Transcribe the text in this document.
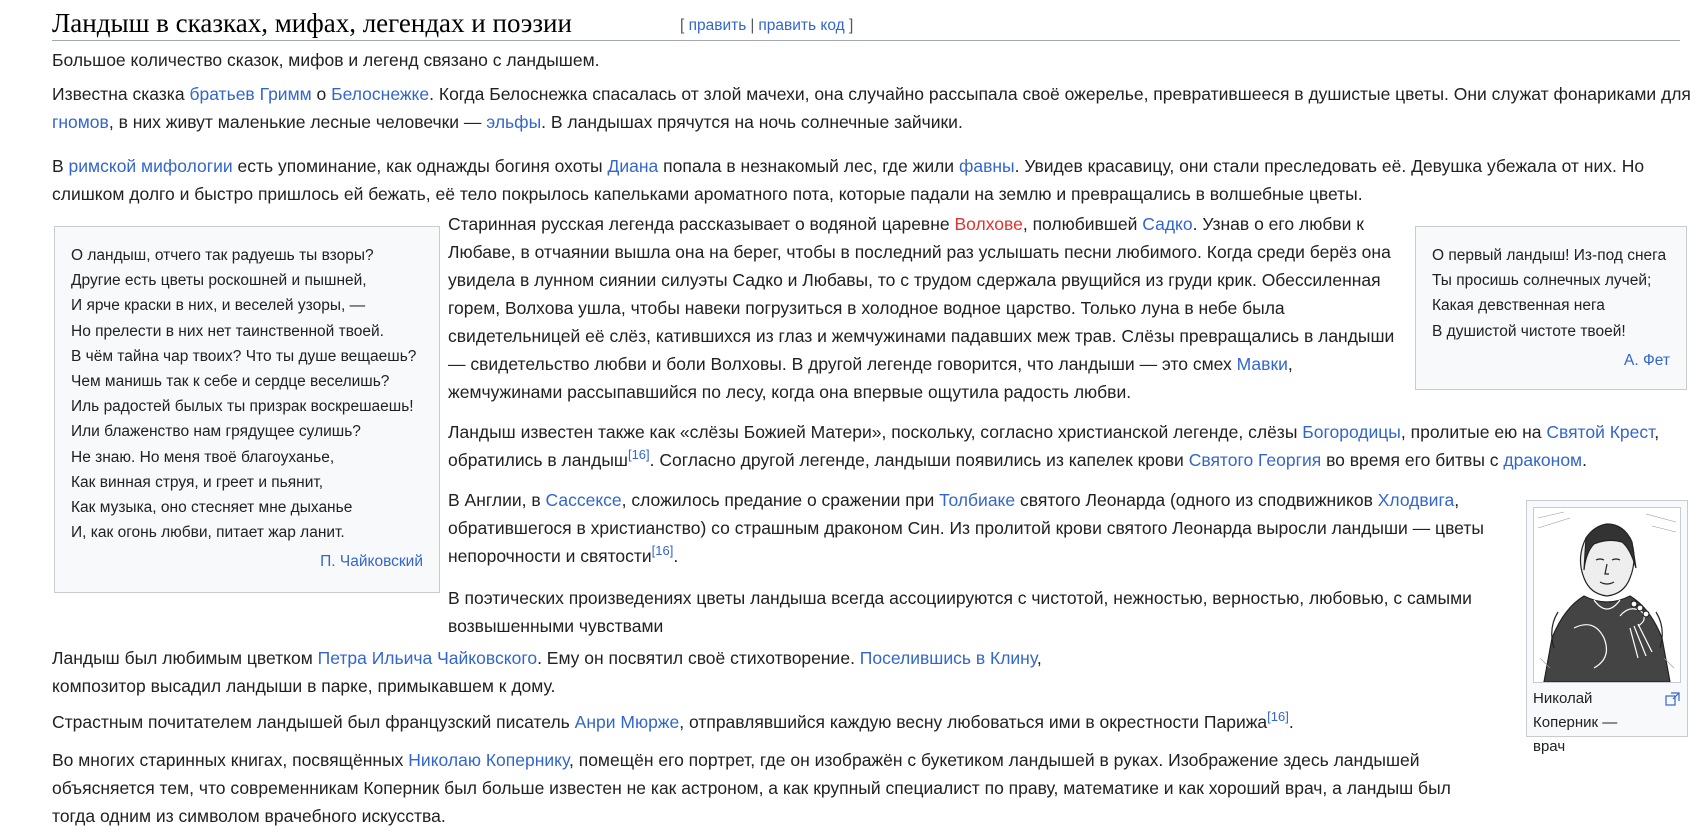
Ландыш в сказках, мифах, легендах и поэзии	[ править | править код ]

Большое количество сказок, мифов и легенд связано с ландышем.

Известна сказка братьев Гримм о Белоснежке. Когда Белоснежка спасалась от злой мачехи, она случайно рассыпала своё ожерелье, превратившееся в душистые цветы. Они служат фонариками для гномов, в них живут маленькие лесные человечки — эльфы. В ландышах прячутся на ночь солнечные зайчики.

В римской мифологии есть упоминание, как однажды богиня охоты Диана попала в незнакомый лес, где жили фавны. Увидев красавицу, они стали преследовать её. Девушка убежала от них. Но слишком долго и быстро пришлось ей бежать, её тело покрылось капельками ароматного пота, которые падали на землю и превращались в волшебные цветы.

О ландыш, отчего так радуешь ты взоры?
Другие есть цветы роскошней и пышней,
И ярче краски в них, и веселей узоры, —
Но прелести в них нет таинственной твоей.
В чём тайна чар твоих? Что ты душе вещаешь?
Чем манишь так к себе и сердце веселишь?
Иль радостей былых ты призрак воскрешаешь!
Или блаженство нам грядущее сулишь?
Не знаю. Но меня твоё благоуханье,
Как винная струя, и греет и пьянит,
Как музыка, оно стесняет мне дыханье
И, как огонь любви, питает жар ланит.
П. Чайковский
О первый ландыш! Из-под снега
Ты просишь солнечных лучей;
Какая девственная нега
В душистой чистоте твоей!
А. Фет

Старинная русская легенда рассказывает о водяной царевне Волхове, полюбившей Садко. Узнав о его любви к Любаве, в отчаянии вышла она на берег, чтобы в последний раз услышать песни любимого. Когда среди берёз она увидела в лунном сиянии силуэты Садко и Любавы, то с трудом сдержала рвущийся из груди крик. Обессиленная горем, Волхова ушла, чтобы навеки погрузиться в холодное водное царство. Только луна в небе была свидетельницей её слёз, катившихся из глаз и жемчужинами падавших меж трав. Слёзы превращались в ландыши — свидетельство любви и боли Волховы. В другой легенде говорится, что ландыши — это смех Мавки, жемчужинами рассыпавшийся по лесу, когда она впервые ощутила радость любви.

Ландыш известен также как «слёзы Божией Матери», поскольку, согласно христианской легенде, слёзы Богородицы, пролитые ею на Святой Крест, обратились в ландыш[16]. Согласно другой легенде, ландыши появились из капелек крови Святого Георгия во время его битвы с драконом.

В Англии, в Сассексе, сложилось предание о сражении при Толбиаке святого Леонарда (одного из сподвижников Хлодвига, обратившегося в христианство) со страшным драконом Син. Из пролитой крови святого Леонарда выросли ландыши — цветы непорочности и святости[16].

В поэтических произведениях цветы ландыша всегда ассоциируются с чистотой, нежностью, верностью, любовью, с самыми возвышенными чувствами

Ландыш был любимым цветком Петра Ильича Чайковского. Ему он посвятил своё стихотворение. Поселившись в Клину, композитор высадил ландыши в парке, примыкавшем к дому.

Страстным почитателем ландышей был французский писатель Анри Мюрже, отправлявшийся каждую весну любоваться ими в окрестности Парижа[16].

Во многих старинных книгах, посвящённых Николаю Копернику, помещён его портрет, где он изображён с букетиком ландышей в руках. Изображение здесь ландышей объясняется тем, что современникам Коперник был больше известен не как астроном, а как крупный специалист по праву, математике и как хороший врач, а ландыш был тогда одним из символом врачебного искусства.

Николай Коперник — врач
